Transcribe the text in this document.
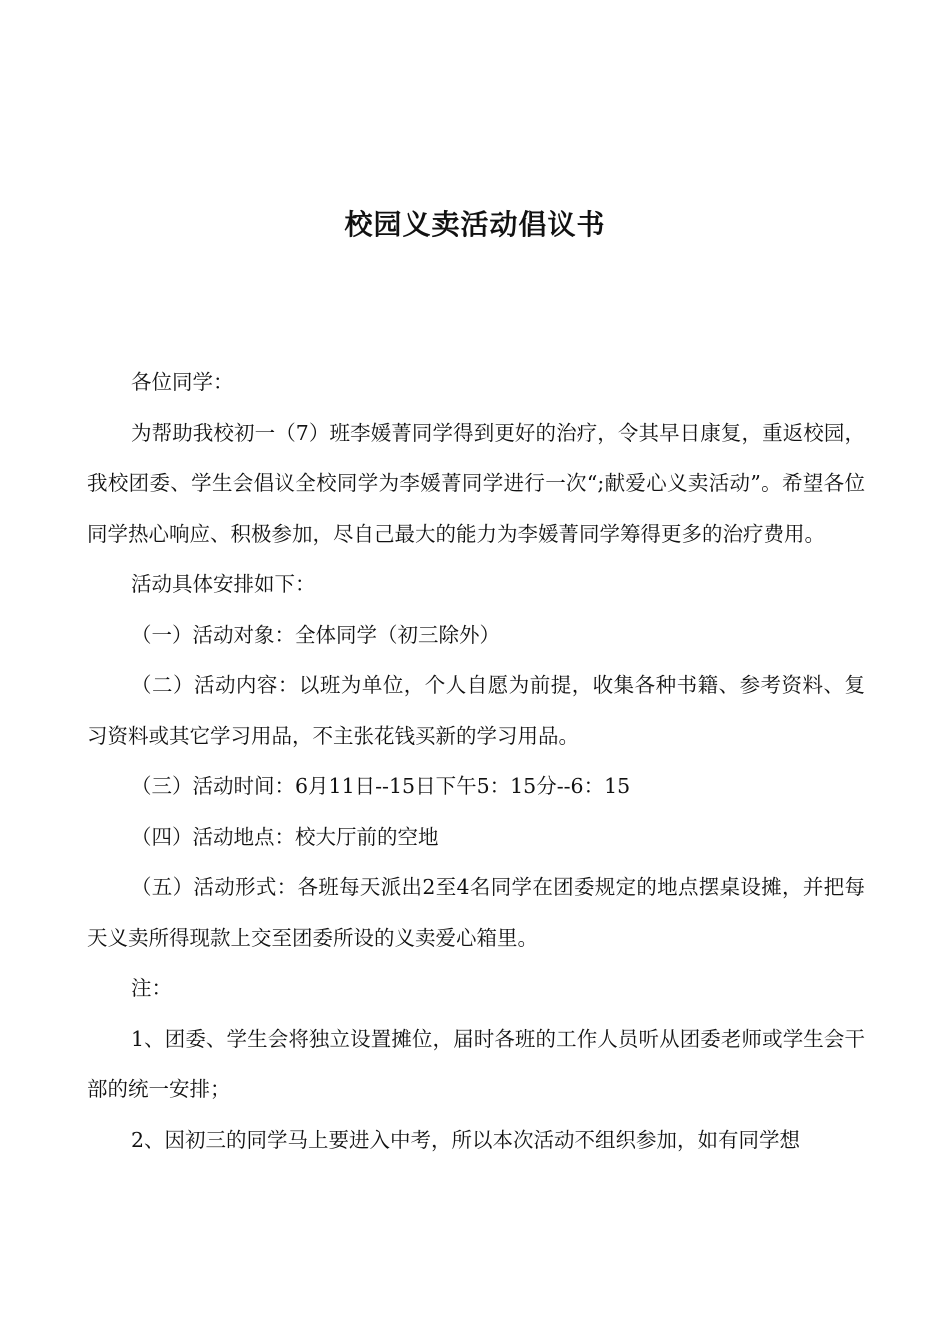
校园义卖活动倡议书

各位同学：

为帮助我校初一（7）班李媛菁同学得到更好的治疗，令其早日康复，重返校园，我校团委、学生会倡议全校同学为李媛菁同学进行一次“;献爱心义卖活动”。希望各位同学热心响应、积极参加，尽自己最大的能力为李媛菁同学筹得更多的治疗费用。

活动具体安排如下：

（一）活动对象：全体同学（初三除外）

（二）活动内容：以班为单位，个人自愿为前提，收集各种书籍、参考资料、复习资料或其它学习用品，不主张花钱买新的学习用品。

（三）活动时间：6月11日--15日下午5：15分--6：15

（四）活动地点：校大厅前的空地

（五）活动形式：各班每天派出2至4名同学在团委规定的地点摆桌设摊，并把每天义卖所得现款上交至团委所设的义卖爱心箱里。

注：

1、团委、学生会将独立设置摊位，届时各班的工作人员听从团委老师或学生会干部的统一安排；

2、因初三的同学马上要进入中考，所以本次活动不组织参加，如有同学想
